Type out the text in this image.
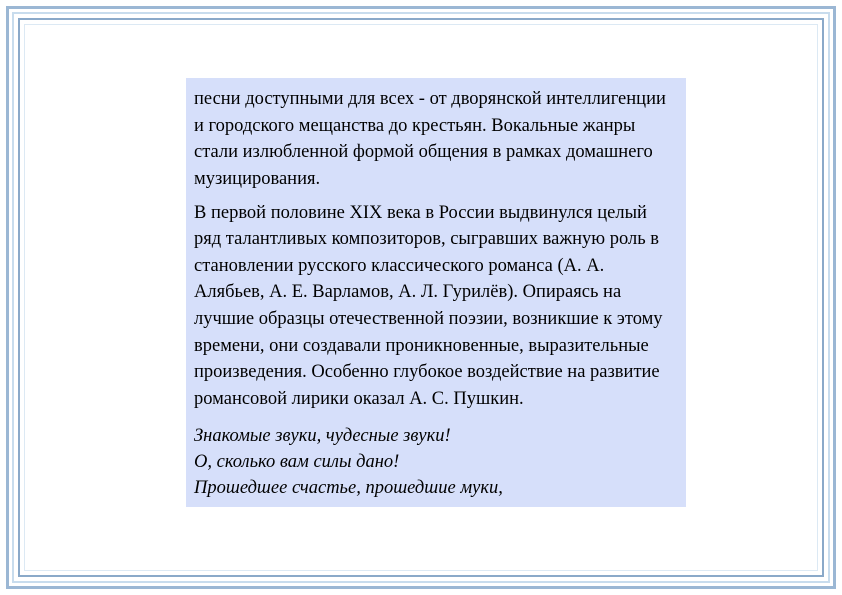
песни доступными для всех - от дворянской интеллигенции и городского мещанства до крестьян. Вокальные жанры стали излюбленной формой общения в рамках домашнего музицирования.

В первой половине XIX века в России выдвинулся целый ряд талантливых композиторов, сыгравших важную роль в становлении русского классического романса (А. А. Алябьев, А. Е. Варламов, А. Л. Гурилёв). Опираясь на лучшие образцы отечественной поэзии, возникшие к этому времени, они создавали проникновенные, выразительные произведения. Особенно глубокое воздействие на развитие романсовой лирики оказал А. С. Пушкин.

Знакомые звуки, чудесные звуки!
О, сколько вам силы дано!
Прошедшее счастье, прошедшие муки,
